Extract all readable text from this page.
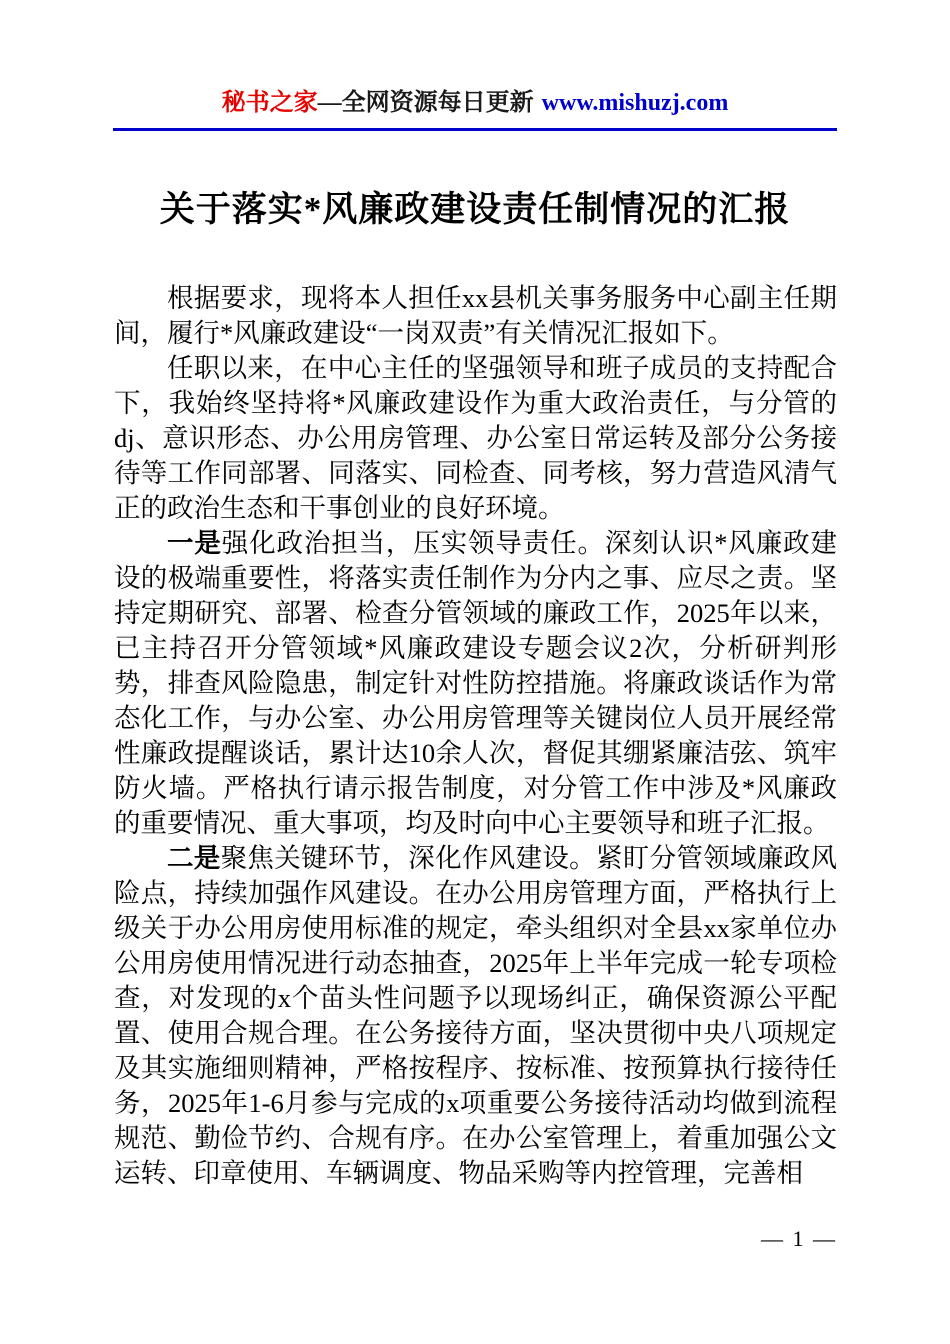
秘书之家—全网资源每日更新 www.mishuzj.com
关于落实*风廉政建设责任制情况的汇报

根据要求，现将本人担任xx县机关事务服务中心副主任期间，履行*风廉政建设“一岗双责”有关情况汇报如下。

任职以来，在中心主任的坚强领导和班子成员的支持配合下，我始终坚持将*风廉政建设作为重大政治责任，与分管的dj、意识形态、办公用房管理、办公室日常运转及部分公务接待等工作同部署、同落实、同检查、同考核，努力营造风清气正的政治生态和干事创业的良好环境。

一是强化政治担当，压实领导责任。深刻认识*风廉政建设的极端重要性，将落实责任制作为分内之事、应尽之责。坚持定期研究、部署、检查分管领域的廉政工作，2025年以来，已主持召开分管领域*风廉政建设专题会议2次，分析研判形势，排查风险隐患，制定针对性防控措施。将廉政谈话作为常态化工作，与办公室、办公用房管理等关键岗位人员开展经常性廉政提醒谈话，累计达10余人次，督促其绷紧廉洁弦、筑牢防火墙。严格执行请示报告制度，对分管工作中涉及*风廉政的重要情况、重大事项，均及时向中心主要领导和班子汇报。

二是聚焦关键环节，深化作风建设。紧盯分管领域廉政风险点，持续加强作风建设。在办公用房管理方面，严格执行上级关于办公用房使用标准的规定，牵头组织对全县xx家单位办公用房使用情况进行动态抽查，2025年上半年完成一轮专项检查，对发现的x个苗头性问题予以现场纠正，确保资源公平配置、使用合规合理。在公务接待方面，坚决贯彻中央八项规定及其实施细则精神，严格按程序、按标准、按预算执行接待任务，2025年1-6月参与完成的x项重要公务接待活动均做到流程规范、勤俭节约、合规有序。在办公室管理上，着重加强公文运转、印章使用、车辆调度、物品采购等内控管理，完善相

— 1 —
